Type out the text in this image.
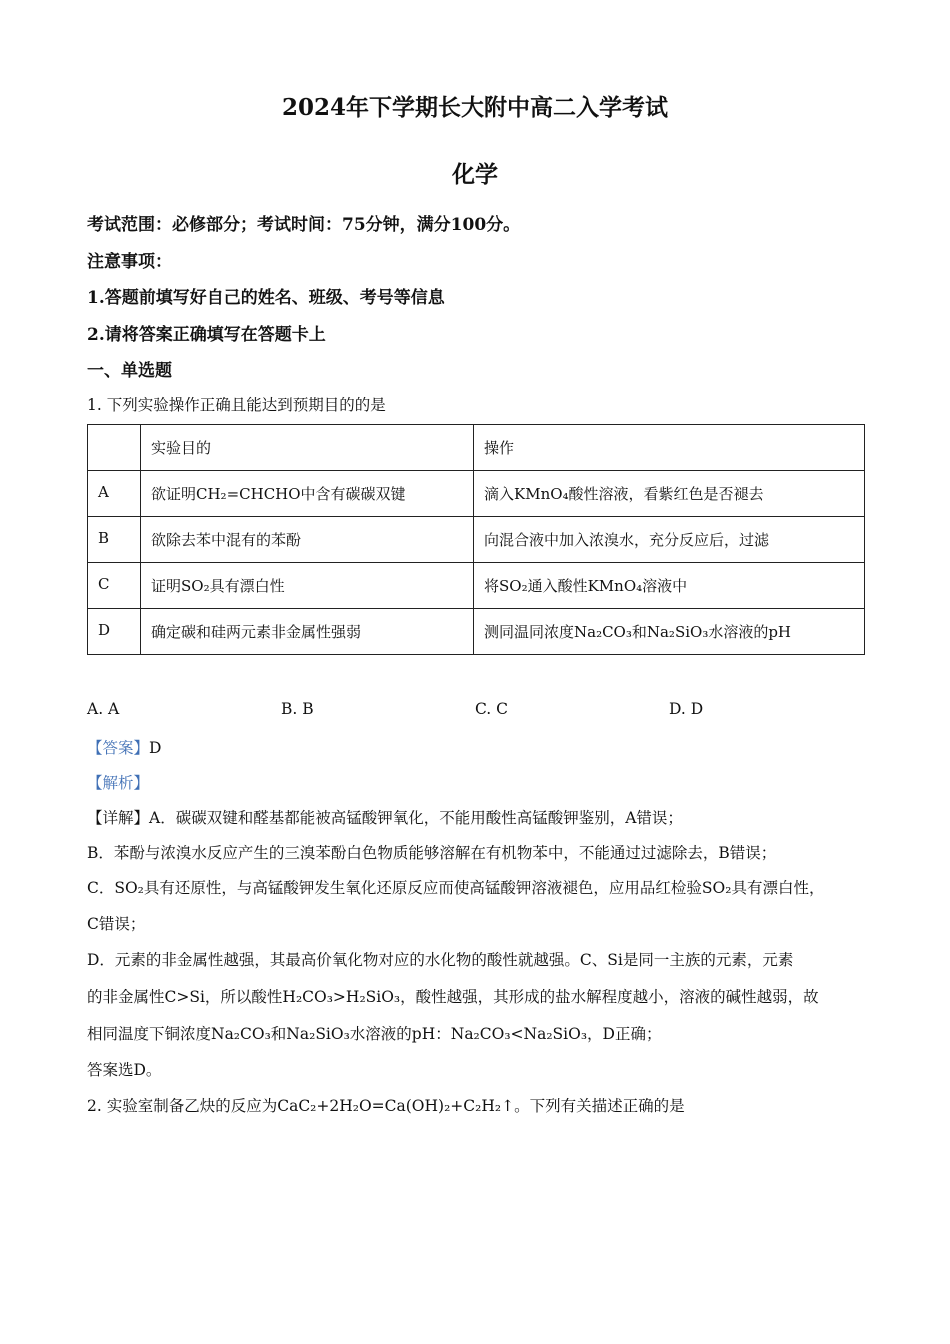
2024年下学期长大附中高二入学考试
化学
考试范围：必修部分；考试时间：75分钟，满分100分。
注意事项：
1.答题前填写好自己的姓名、班级、考号等信息
2.请将答案正确填写在答题卡上
一、单选题
1. 下列实验操作正确且能达到预期目的的是
	实验目的	操作
A	欲证明CH₂=CHCHO中含有碳碳双键	滴入KMnO₄酸性溶液，看紫红色是否褪去
B	欲除去苯中混有的苯酚	向混合液中加入浓溴水，充分反应后，过滤
C	证明SO₂具有漂白性	将SO₂通入酸性KMnO₄溶液中
D	确定碳和硅两元素非金属性强弱	测同温同浓度Na₂CO₃和Na₂SiO₃水溶液的pH
A. A	B. B	C. C	D. D
【答案】D
【解析】
【详解】A．碳碳双键和醛基都能被高锰酸钾氧化，不能用酸性高锰酸钾鉴别，A错误；
B．苯酚与浓溴水反应产生的三溴苯酚白色物质能够溶解在有机物苯中，不能通过过滤除去，B错误；
C．SO₂具有还原性，与高锰酸钾发生氧化还原反应而使高锰酸钾溶液褪色，应用品红检验SO₂具有漂白性，
C错误；
D．元素的非金属性越强，其最高价氧化物对应的水化物的酸性就越强。C、Si是同一主族的元素，元素
的非金属性C>Si，所以酸性H₂CO₃>H₂SiO₃，酸性越强，其形成的盐水解程度越小，溶液的碱性越弱，故
相同温度下铜浓度Na₂CO₃和Na₂SiO₃水溶液的pH：Na₂CO₃<Na₂SiO₃，D正确；
答案选D。
2. 实验室制备乙炔的反应为CaC₂+2H₂O=Ca(OH)₂+C₂H₂↑。下列有关描述正确的是
